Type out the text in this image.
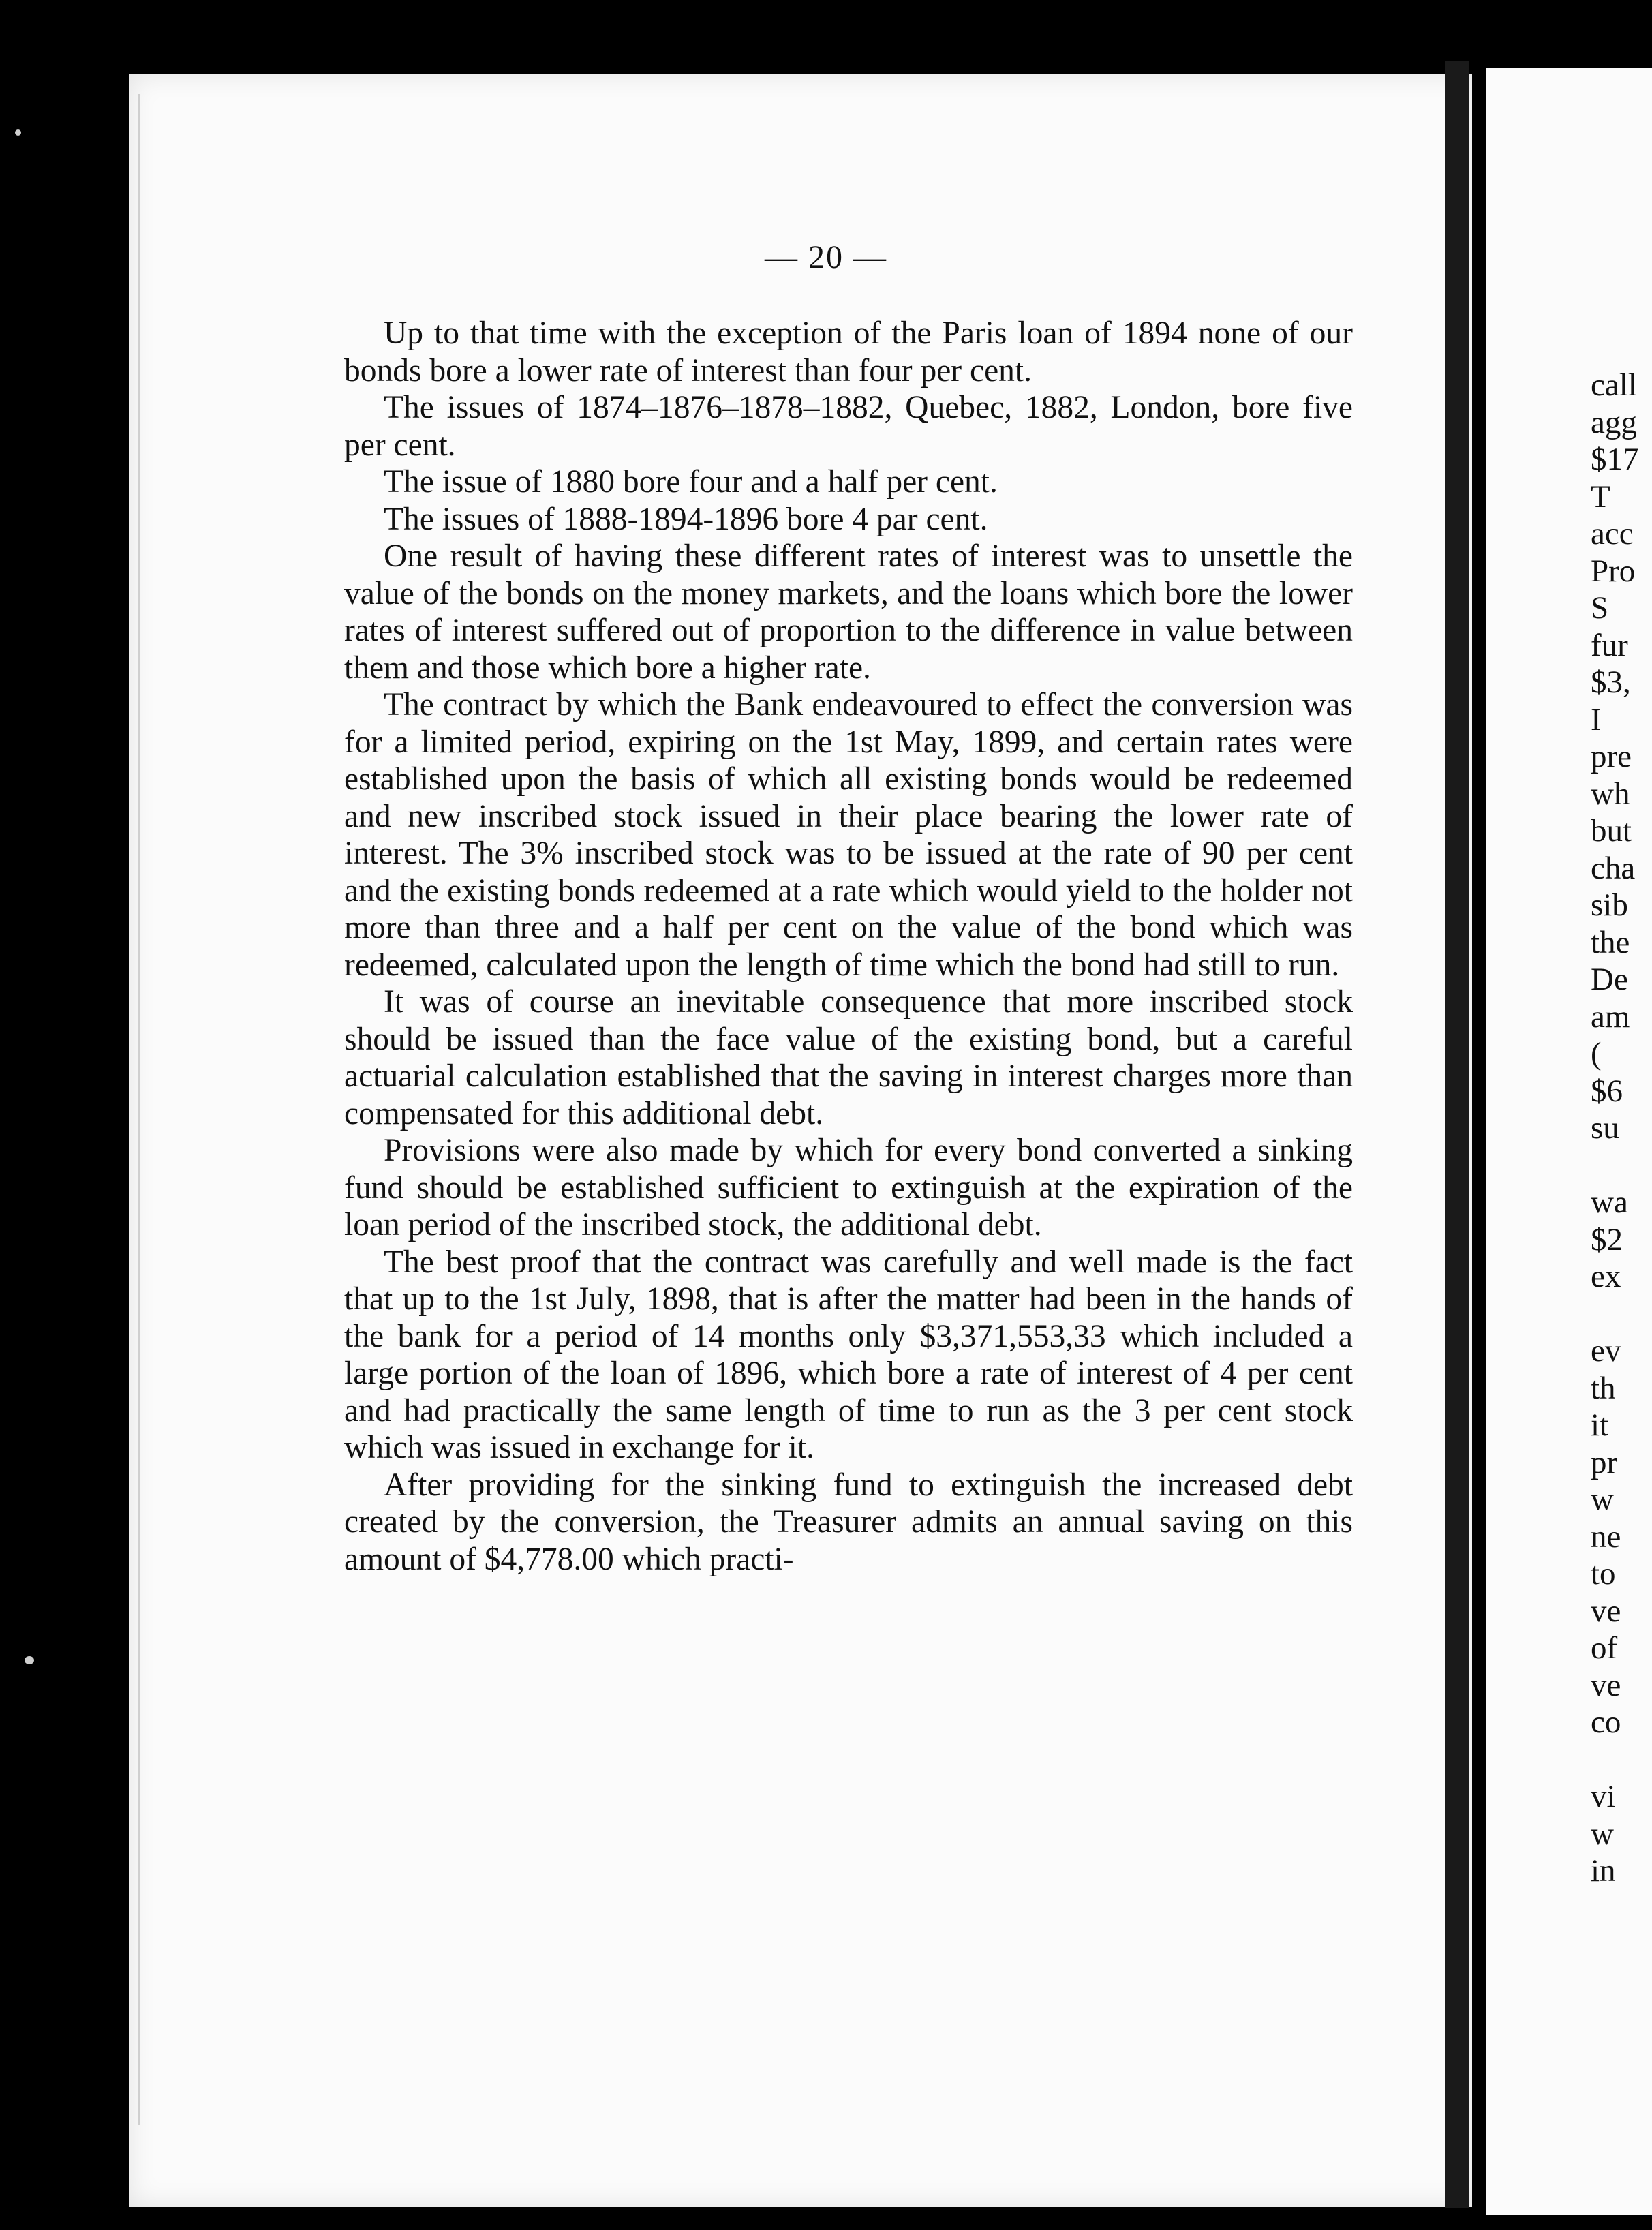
— 20 —

Up to that time with the exception of the Paris loan of 1894 none of our bonds bore a lower rate of interest than four per cent.

The issues of 1874–1876–1878–1882, Quebec, 1882, London, bore five per cent.

The issue of 1880 bore four and a half per cent.

The issues of 1888-1894-1896 bore 4 par cent.

One result of having these different rates of interest was to unsettle the value of the bonds on the money markets, and the loans which bore the lower rates of interest suffered out of proportion to the difference in value between them and those which bore a higher rate.

The contract by which the Bank endeavoured to effect the conversion was for a limited period, expiring on the 1st May, 1899, and certain rates were established upon the basis of which all existing bonds would be redeemed and new inscribed stock issued in their place bearing the lower rate of interest. The 3% inscribed stock was to be issued at the rate of 90 per cent and the existing bonds redeemed at a rate which would yield to the holder not more than three and a half per cent on the value of the bond which was redeemed, calculated upon the length of time which the bond had still to run.

It was of course an inevitable consequence that more inscribed stock should be issued than the face value of the existing bond, but a careful actuarial calculation established that the saving in interest charges more than compensated for this additional debt.

Provisions were also made by which for every bond converted a sinking fund should be established sufficient to extinguish at the expiration of the loan period of the inscribed stock, the additional debt.

The best proof that the contract was carefully and well made is the fact that up to the 1st July, 1898, that is after the matter had been in the hands of the bank for a period of 14 months only $3,371,553,33 which included a large portion of the loan of 1896, which bore a rate of interest of 4 per cent and had practically the same length of time to run as the 3 per cent stock which was issued in exchange for it.

After providing for the sinking fund to extinguish the increased debt created by the conversion, the Treasurer admits an annual saving on this amount of $4,778.00 which practi-

call
agg
$17
T
acc
Pro
S
fur
$3,
I
pre
wh
but
cha
sib
the
De
am
(
$6
su
wa
$2
ex
ev
th
it
pr
w
ne
to
ve
of
ve
co
vi
w
in
